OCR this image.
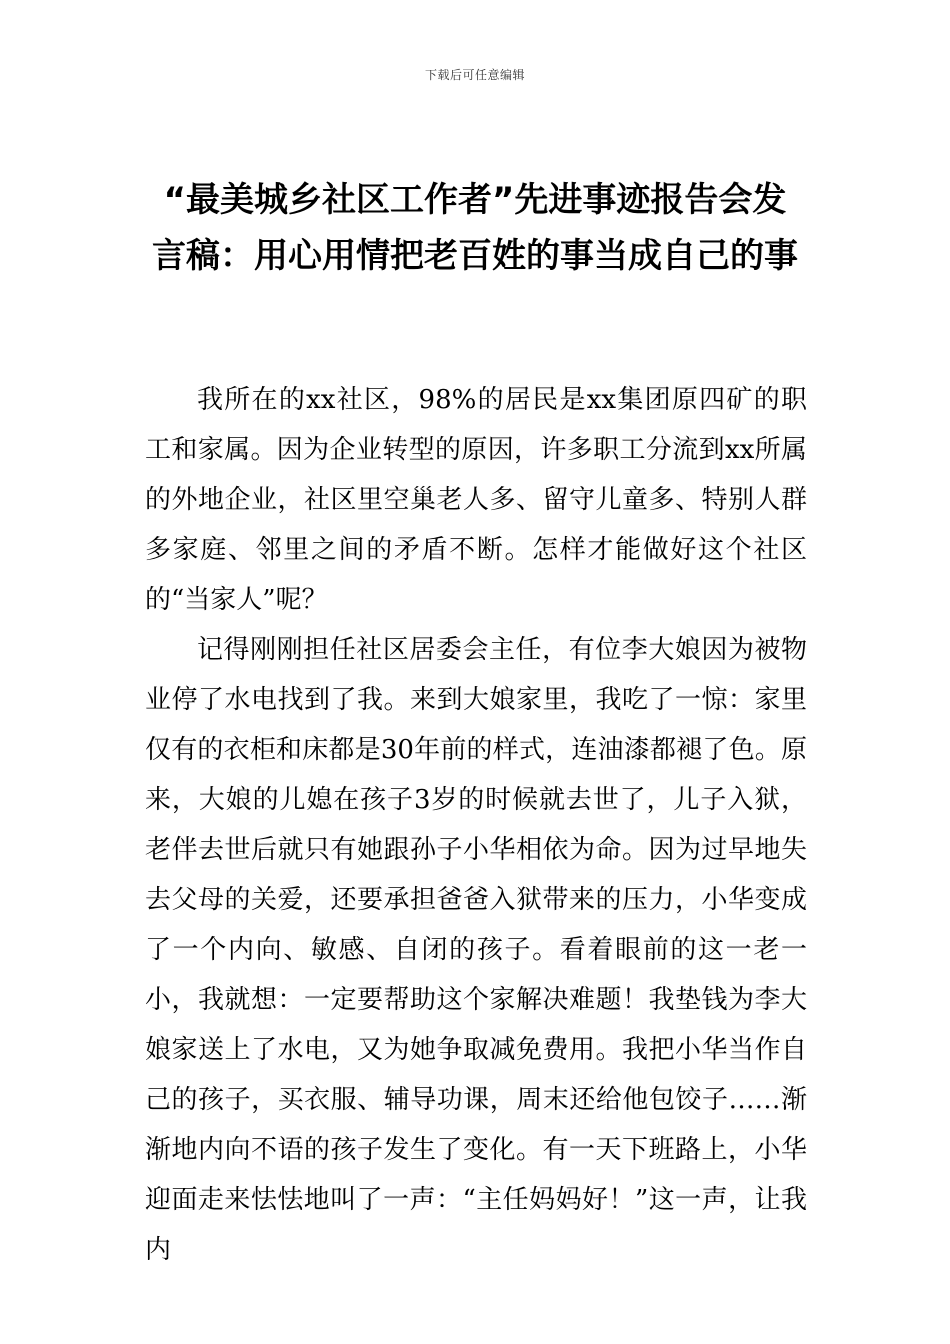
下载后可任意编辑
“最美城乡社区工作者”先进事迹报告会发言稿：用心用情把老百姓的事当成自己的事

我所在的xx社区，98%的居民是xx集团原四矿的职工和家属。因为企业转型的原因，许多职工分流到xx所属的外地企业，社区里空巢老人多、留守儿童多、特别人群多家庭、邻里之间的矛盾不断。怎样才能做好这个社区的“当家人”呢？

记得刚刚担任社区居委会主任，有位李大娘因为被物业停了水电找到了我。来到大娘家里，我吃了一惊：家里仅有的衣柜和床都是30年前的样式，连油漆都褪了色。原来，大娘的儿媳在孩子3岁的时候就去世了，儿子入狱，老伴去世后就只有她跟孙子小华相依为命。因为过早地失去父母的关爱，还要承担爸爸入狱带来的压力，小华变成了一个内向、敏感、自闭的孩子。看着眼前的这一老一小，我就想：一定要帮助这个家解决难题！我垫钱为李大娘家送上了水电，又为她争取减免费用。我把小华当作自己的孩子，买衣服、辅导功课，周末还给他包饺子……渐渐地内向不语的孩子发生了变化。有一天下班路上，小华迎面走来怯怯地叫了一声：“主任妈妈好！”这一声，让我内
